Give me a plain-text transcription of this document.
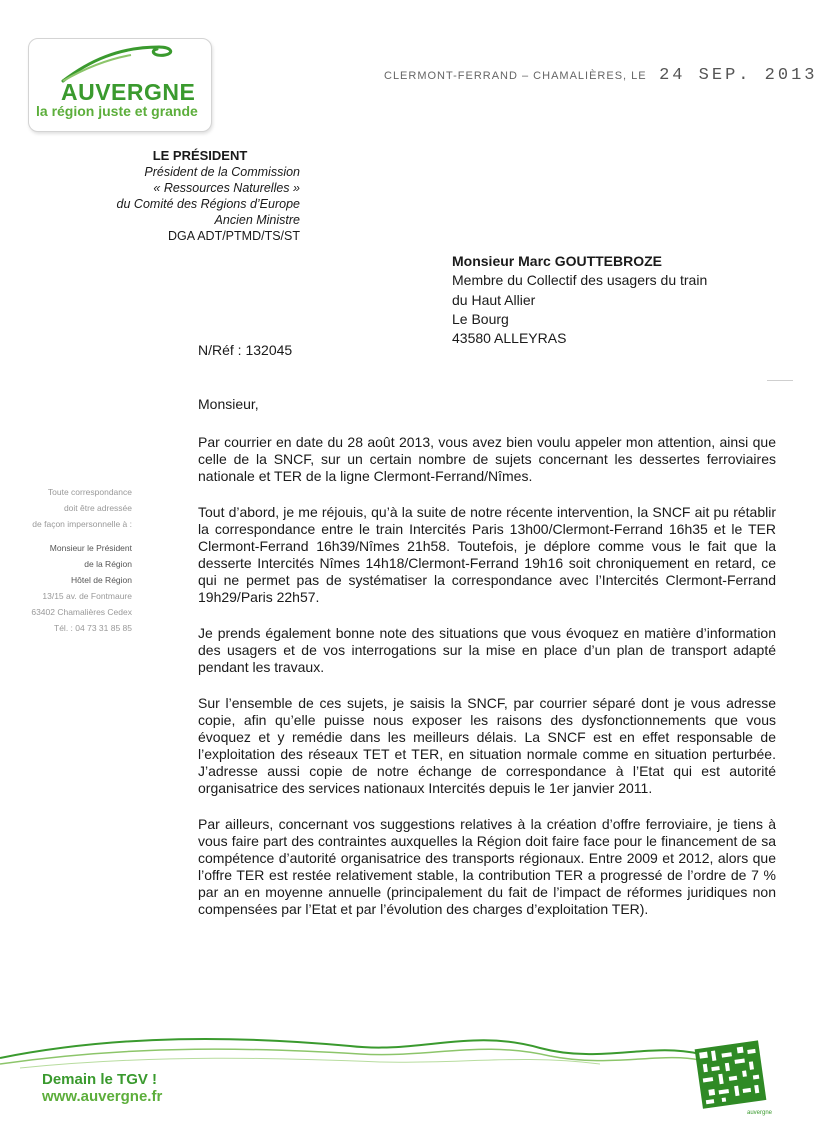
AUVERGNE
la région juste et grande
CLERMONT-FERRAND – CHAMALIÈRES, LE 24 SEP. 2013
LE PRÉSIDENT
Président de la Commission
« Ressources Naturelles »
du Comité des Régions d’Europe
Ancien Ministre
DGA ADT/PTMD/TS/ST
Monsieur Marc GOUTTEBROZE
Membre du Collectif des usagers du train
du Haut Allier
Le Bourg
43580 ALLEYRAS
N/Réf : 132045
Toute correspondance
doit être adressée
de façon impersonnelle à :
Monsieur le Président
de la Région
Hôtel de Région
13/15 av. de Fontmaure
63402 Chamalières Cedex
Tél. : 04 73 31 85 85

Monsieur,

Par courrier en date du 28 août 2013, vous avez bien voulu appeler mon attention, ainsi que celle de la SNCF, sur un certain nombre de sujets concernant les dessertes ferroviaires nationale et TER de la ligne Clermont-Ferrand/Nîmes.

Tout d’abord, je me réjouis, qu’à la suite de notre récente intervention, la SNCF ait pu rétablir la correspondance entre le train Intercités Paris 13h00/Clermont-Ferrand 16h35 et le TER Clermont-Ferrand 16h39/Nîmes 21h58. Toutefois, je déplore comme vous le fait que la desserte Intercités Nîmes 14h18/Clermont-Ferrand 19h16 soit chroniquement en retard, ce qui ne permet pas de systématiser la correspondance avec l’Intercités Clermont-Ferrand 19h29/Paris 22h57.

Je prends également bonne note des situations que vous évoquez en matière d’information des usagers et de vos interrogations sur la mise en place d’un plan de transport adapté pendant les travaux.

Sur l’ensemble de ces sujets, je saisis la SNCF, par courrier séparé dont je vous adresse copie, afin qu’elle puisse nous exposer les raisons des dysfonctionnements que vous évoquez et y remédie dans les meilleurs délais. La SNCF est en effet responsable de l’exploitation des réseaux TET et TER, en situation normale comme en situation perturbée. J’adresse aussi copie de notre échange de correspondance à l’Etat qui est autorité organisatrice des services nationaux Intercités depuis le 1er janvier 2011.

Par ailleurs, concernant vos suggestions relatives à la création d’offre ferroviaire, je tiens à vous faire part des contraintes auxquelles la Région doit faire face pour le financement de sa compétence d’autorité organisatrice des transports régionaux. Entre 2009 et 2012, alors que l’offre TER est restée relativement stable, la contribution TER a progressé de l’ordre de 7 % par an en moyenne annuelle (principalement du fait de l’impact de réformes juridiques non compensées par l’Etat et par l’évolution des charges d’exploitation TER).

Demain le TGV !
www.auvergne.fr
auvergne
